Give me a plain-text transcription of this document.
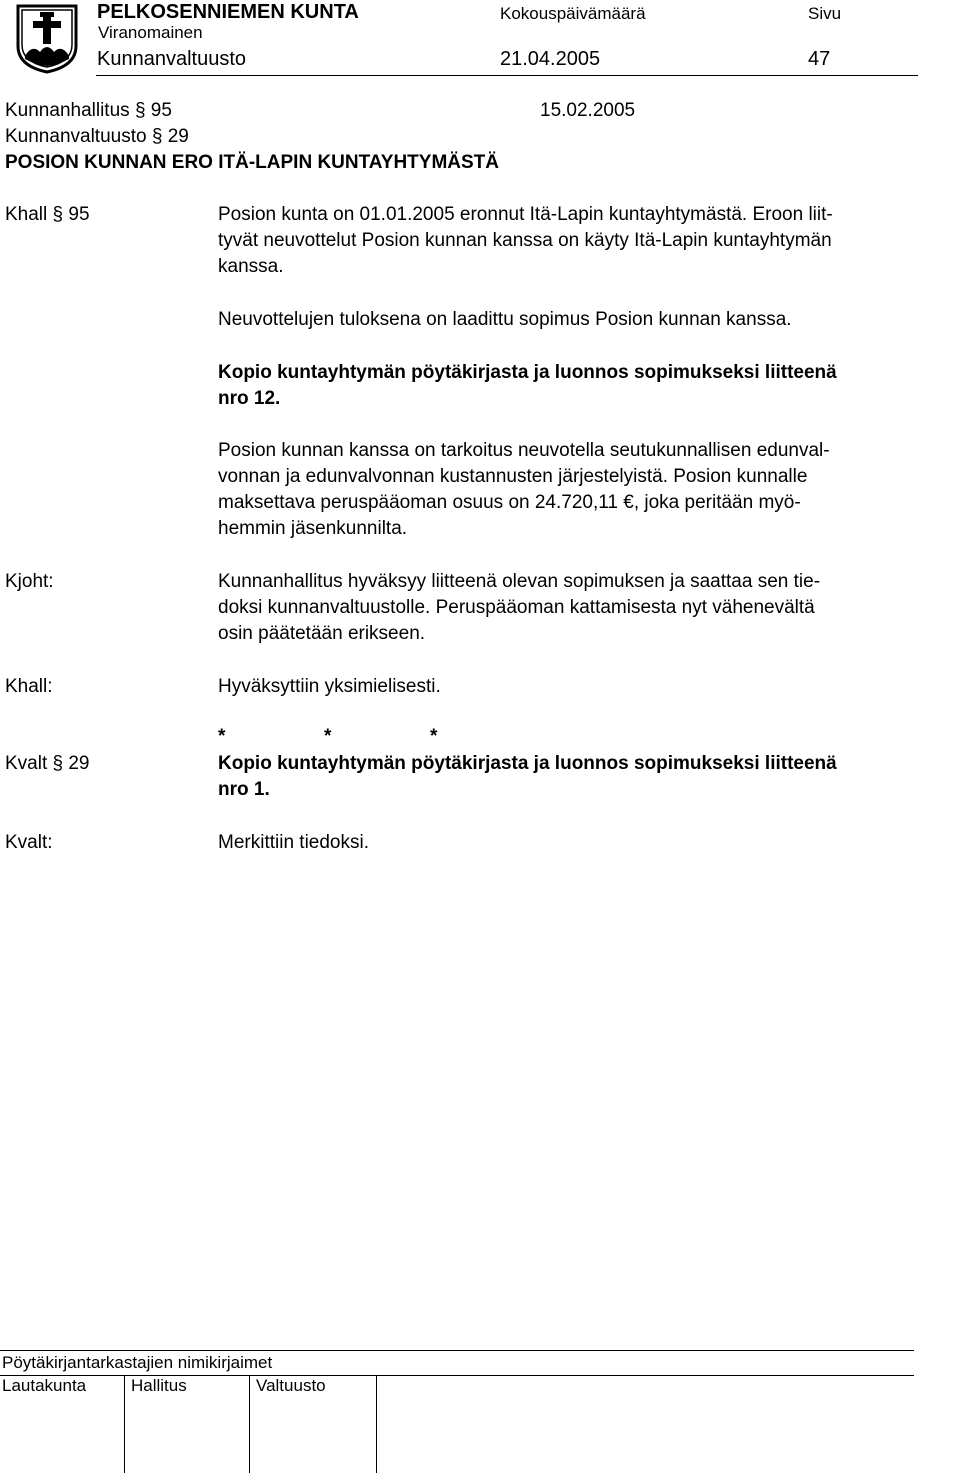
PELKOSENNIEMEN KUNTA
Viranomainen
Kunnanvaltuusto
Kokouspäivämäärä
21.04.2005
Sivu
47
Kunnanhallitus § 95	15.02.2005
Kunnanvaltuusto § 29
POSION KUNNAN ERO ITÄ-LAPIN KUNTAYHTYMÄSTÄ
Khall § 95	Posion kunta on 01.01.2005 eronnut Itä-Lapin kuntayhtymästä. Eroon liit-
tyvät neuvottelut Posion kunnan kanssa on käyty Itä-Lapin kuntayhtymän
kanssa.
Neuvottelujen tuloksena on laadittu sopimus Posion kunnan kanssa.
Kopio kuntayhtymän pöytäkirjasta ja luonnos sopimukseksi liitteenä
nro 12.
Posion kunnan kanssa on tarkoitus neuvotella seutukunnallisen edunval-
vonnan ja edunvalvonnan kustannusten järjestelyistä. Posion kunnalle
maksettava peruspääoman osuus on 24.720,11 €, joka peritään myö-
hemmin jäsenkunnilta.
Kjoht:	Kunnanhallitus hyväksyy liitteenä olevan sopimuksen ja saattaa sen tie-
doksi kunnanvaltuustolle. Peruspääoman kattamisesta nyt vähenevältä
osin päätetään erikseen.
Khall:	Hyväksyttiin yksimielisesti.
*	*	*
Kvalt § 29	Kopio kuntayhtymän pöytäkirjasta ja luonnos sopimukseksi liitteenä
nro 1.
Kvalt:	Merkittiin tiedoksi.
Pöytäkirjantarkastajien nimikirjaimet
Lautakunta	Hallitus	Valtuusto
